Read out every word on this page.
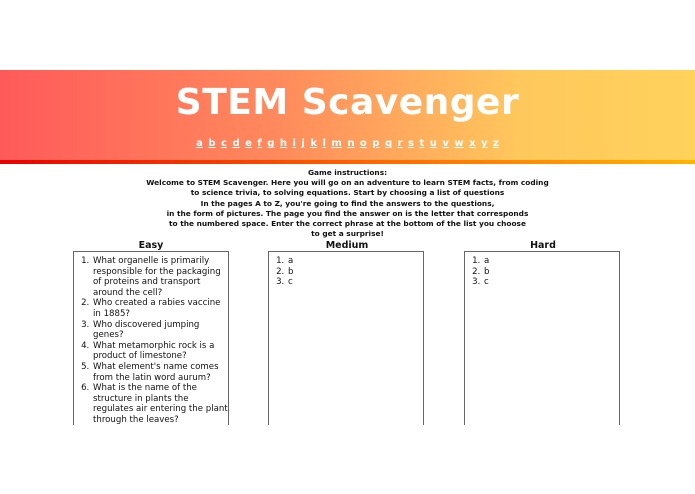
STEM Scavenger
a b c d e f g h i j k l m n o p q r s t u v w x y z
Game instructions:
Welcome to STEM Scavenger. Here you will go on an adventure to learn STEM facts, from coding
to science trivia, to solving equations. Start by choosing a list of questions
In the pages A to Z, you're going to find the answers to the questions,
in the form of pictures. The page you find the answer on is the letter that corresponds
to the numbered space. Enter the correct phrase at the bottom of the list you choose
to get a surprise!
Easy
1. What organelle is primarily responsible for the packaging of proteins and transport around the cell?
2. Who created a rabies vaccine in 1885?
3. Who discovered jumping genes?
4. What metamorphic rock is a product of limestone?
5. What element's name comes from the latin word aurum?
6. What is the name of the structure in plants the regulates air entering the plant through the leaves?
Medium
1. a
2. b
3. c
Hard
1. a
2. b
3. c
